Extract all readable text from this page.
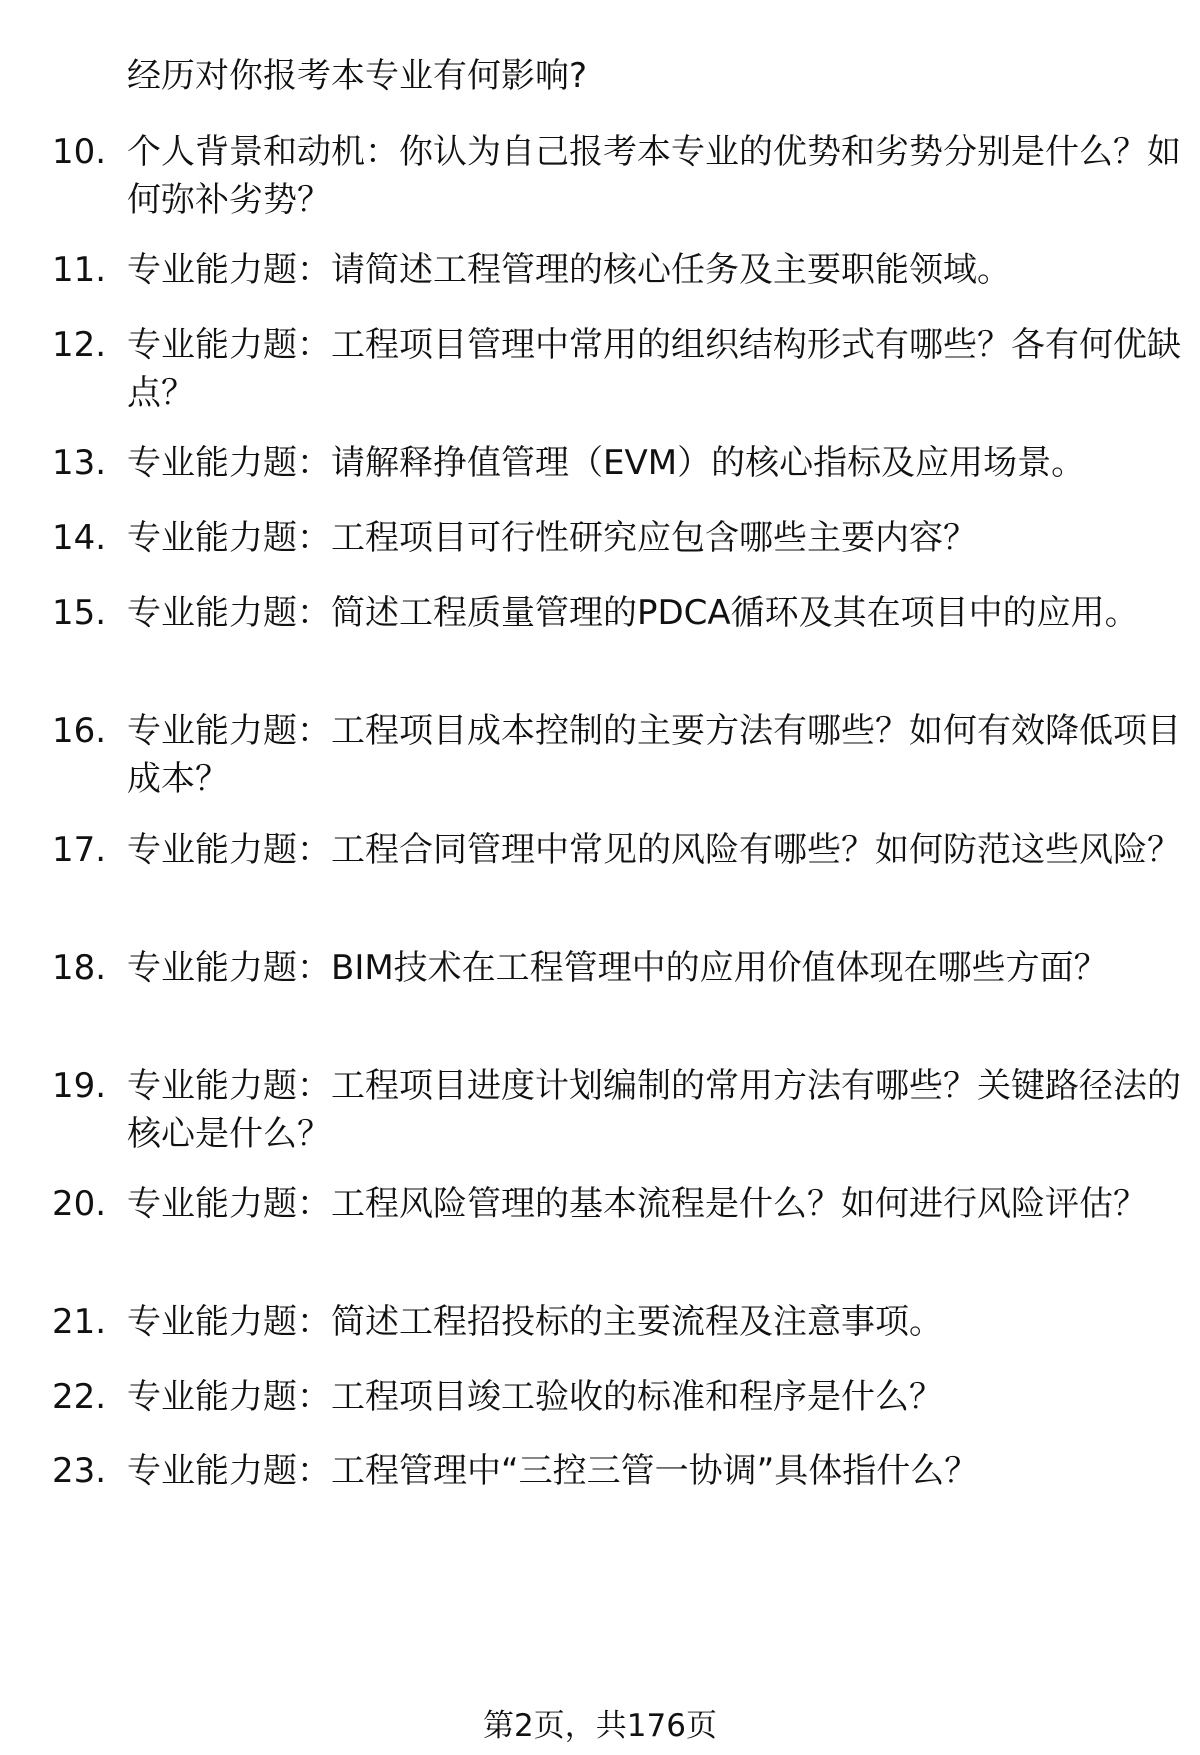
经历对你报考本专业有何影响?
10. 个人背景和动机：你认为自己报考本专业的优势和劣势分别是什么？如何弥补劣势？
11. 专业能力题：请简述工程管理的核心任务及主要职能领域。
12. 专业能力题：工程项目管理中常用的组织结构形式有哪些？各有何优缺点？
13. 专业能力题：请解释挣值管理（EVM）的核心指标及应用场景。
14. 专业能力题：工程项目可行性研究应包含哪些主要内容？
15. 专业能力题：简述工程质量管理的PDCA循环及其在项目中的应用。
16. 专业能力题：工程项目成本控制的主要方法有哪些？如何有效降低项目成本？
17. 专业能力题：工程合同管理中常见的风险有哪些？如何防范这些风险？
18. 专业能力题：BIM技术在工程管理中的应用价值体现在哪些方面？
19. 专业能力题：工程项目进度计划编制的常用方法有哪些？关键路径法的核心是什么？
20. 专业能力题：工程风险管理的基本流程是什么？如何进行风险评估？
21. 专业能力题：简述工程招投标的主要流程及注意事项。
22. 专业能力题：工程项目竣工验收的标准和程序是什么？
23. 专业能力题：工程管理中“三控三管一协调”具体指什么？
第2页，共176页
